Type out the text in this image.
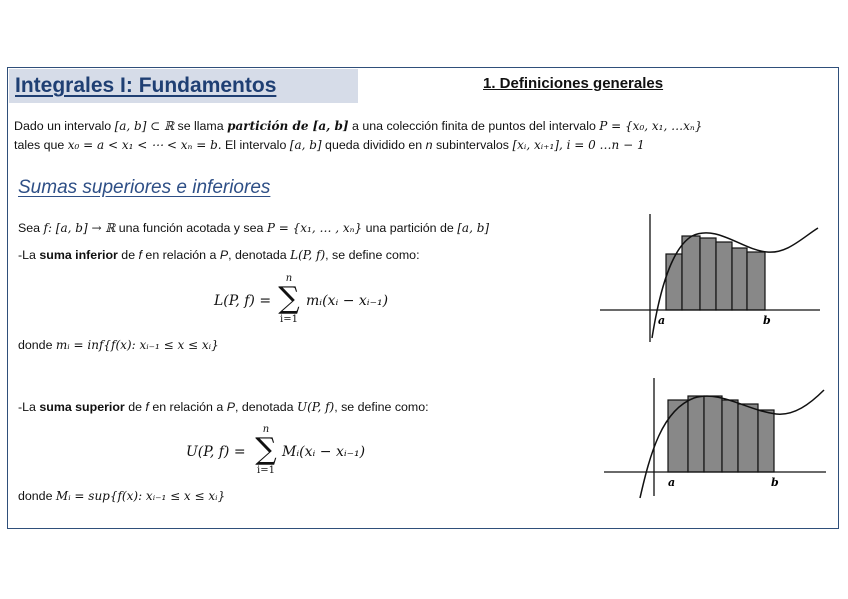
Integrales I: Fundamentos	1. Definiciones generales
Dado un intervalo [a, b] ⊂ ℝ se llama partición de [a, b] a una colección finita de puntos del intervalo P = {x₀, x₁, …xₙ}
tales que x₀ = a < x₁ < ⋯ < xₙ = b. El intervalo [a, b] queda dividido en n subintervalos [xᵢ, xᵢ₊₁], i = 0 …n − 1
Sumas superiores e inferiores
Sea f: [a, b] → ℝ una función acotada y sea P = {x₁, … , xₙ} una partición de [a, b]
-La suma inferior de f en relación a P, denotada L(P, f), se define como:
L(P, f) =
n
∑
i=1
mᵢ(xᵢ − xᵢ₋₁)
donde mᵢ = inf{f(x): xᵢ₋₁ ≤ x ≤ xᵢ}
-La suma superior de f en relación a P, denotada U(P, f), se define como:
U(P, f) =
n
∑
i=1
Mᵢ(xᵢ − xᵢ₋₁)
donde Mᵢ = sup{f(x): xᵢ₋₁ ≤ x ≤ xᵢ}
a	b
a	b
